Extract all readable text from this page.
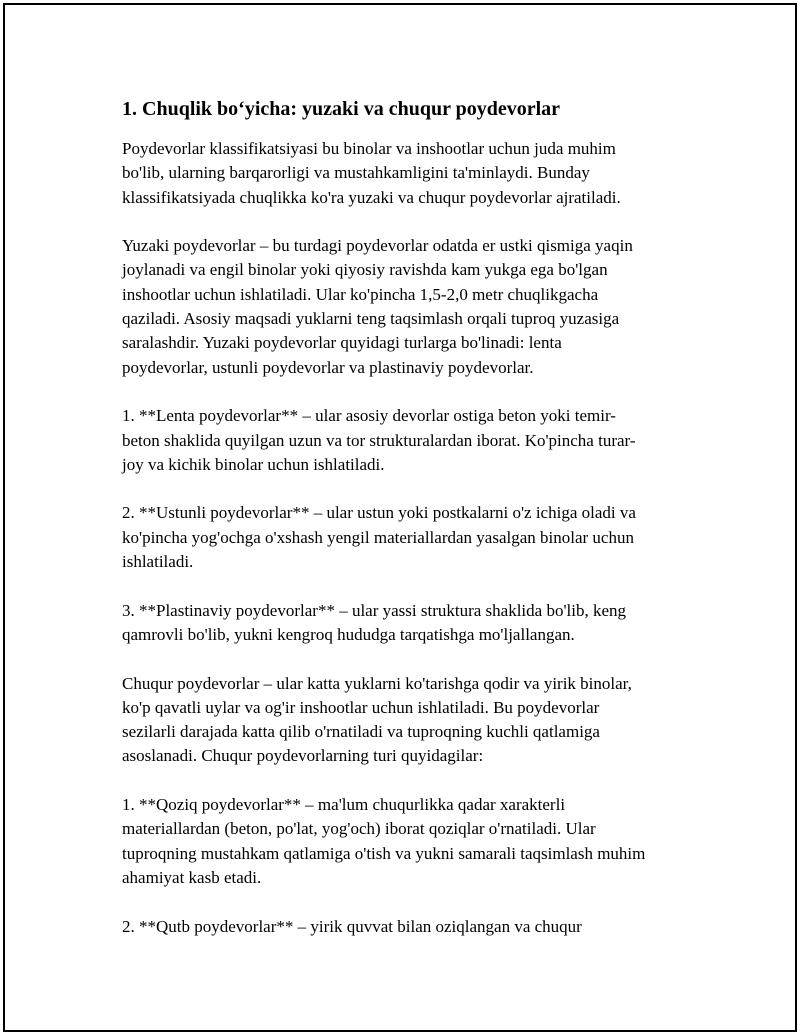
1. Chuqlik bo‘yicha: yuzaki va chuqur poydevorlar

Poydevorlar klassifikatsiyasi bu binolar va inshootlar uchun juda muhim
bo'lib, ularning barqarorligi va mustahkamligini ta'minlaydi. Bunday
klassifikatsiyada chuqlikka ko'ra yuzaki va chuqur poydevorlar ajratiladi.

Yuzaki poydevorlar – bu turdagi poydevorlar odatda er ustki qismiga yaqin
joylanadi va engil binolar yoki qiyosiy ravishda kam yukga ega bo'lgan
inshootlar uchun ishlatiladi. Ular ko'pincha 1,5-2,0 metr chuqlikgacha
qaziladi. Asosiy maqsadi yuklarni teng taqsimlash orqali tuproq yuzasiga
saralashdir. Yuzaki poydevorlar quyidagi turlarga bo'linadi: lenta
poydevorlar, ustunli poydevorlar va plastinaviy poydevorlar.

1. **Lenta poydevorlar** – ular asosiy devorlar ostiga beton yoki temir-
beton shaklida quyilgan uzun va tor strukturalardan iborat. Ko'pincha turar-
joy va kichik binolar uchun ishlatiladi.

2. **Ustunli poydevorlar** – ular ustun yoki postkalarni o'z ichiga oladi va
ko'pincha yog'ochga o'xshash yengil materiallardan yasalgan binolar uchun
ishlatiladi.

3. **Plastinaviy poydevorlar** – ular yassi struktura shaklida bo'lib, keng
qamrovli bo'lib, yukni kengroq hududga tarqatishga mo'ljallangan.

Chuqur poydevorlar – ular katta yuklarni ko'tarishga qodir va yirik binolar,
ko'p qavatli uylar va og'ir inshootlar uchun ishlatiladi. Bu poydevorlar
sezilarli darajada katta qilib o'rnatiladi va tuproqning kuchli qatlamiga
asoslanadi. Chuqur poydevorlarning turi quyidagilar:

1. **Qoziq poydevorlar** – ma'lum chuqurlikka qadar xarakterli
materiallardan (beton, po'lat, yog'och) iborat qoziqlar o'rnatiladi. Ular
tuproqning mustahkam qatlamiga o'tish va yukni samarali taqsimlash muhim
ahamiyat kasb etadi.

2. **Qutb poydevorlar** – yirik quvvat bilan oziqlangan va chuqur
